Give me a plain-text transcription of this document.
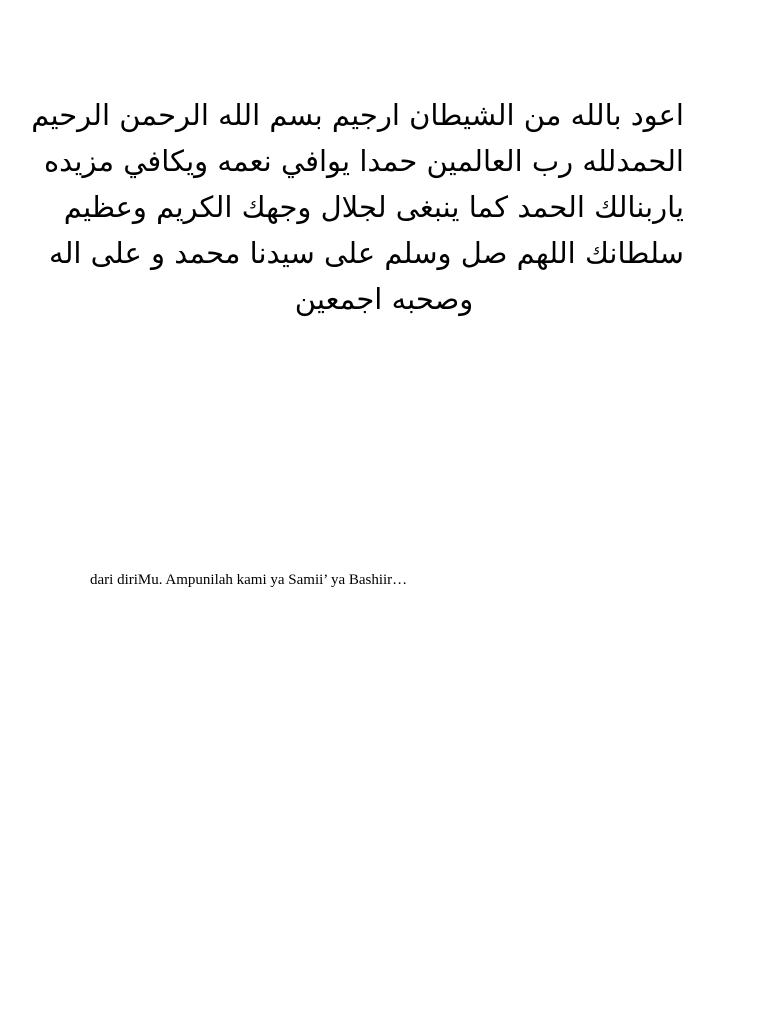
اعود بالله من الشيطان ارجيم بسم الله الرحمن الرحيم
الحمدلله رب العالمين حمدا يوافي نعمه ويكافي مزيده
ياربنالك الحمد كما ينبغى لجلال وجهك الكريم وعظيم
سلطانك اللهم صل وسلم على سيدنا محمد و على اله
وصحبه اجمعين
dari diriMu. Ampunilah kami ya Samii’ ya Bashiir…
